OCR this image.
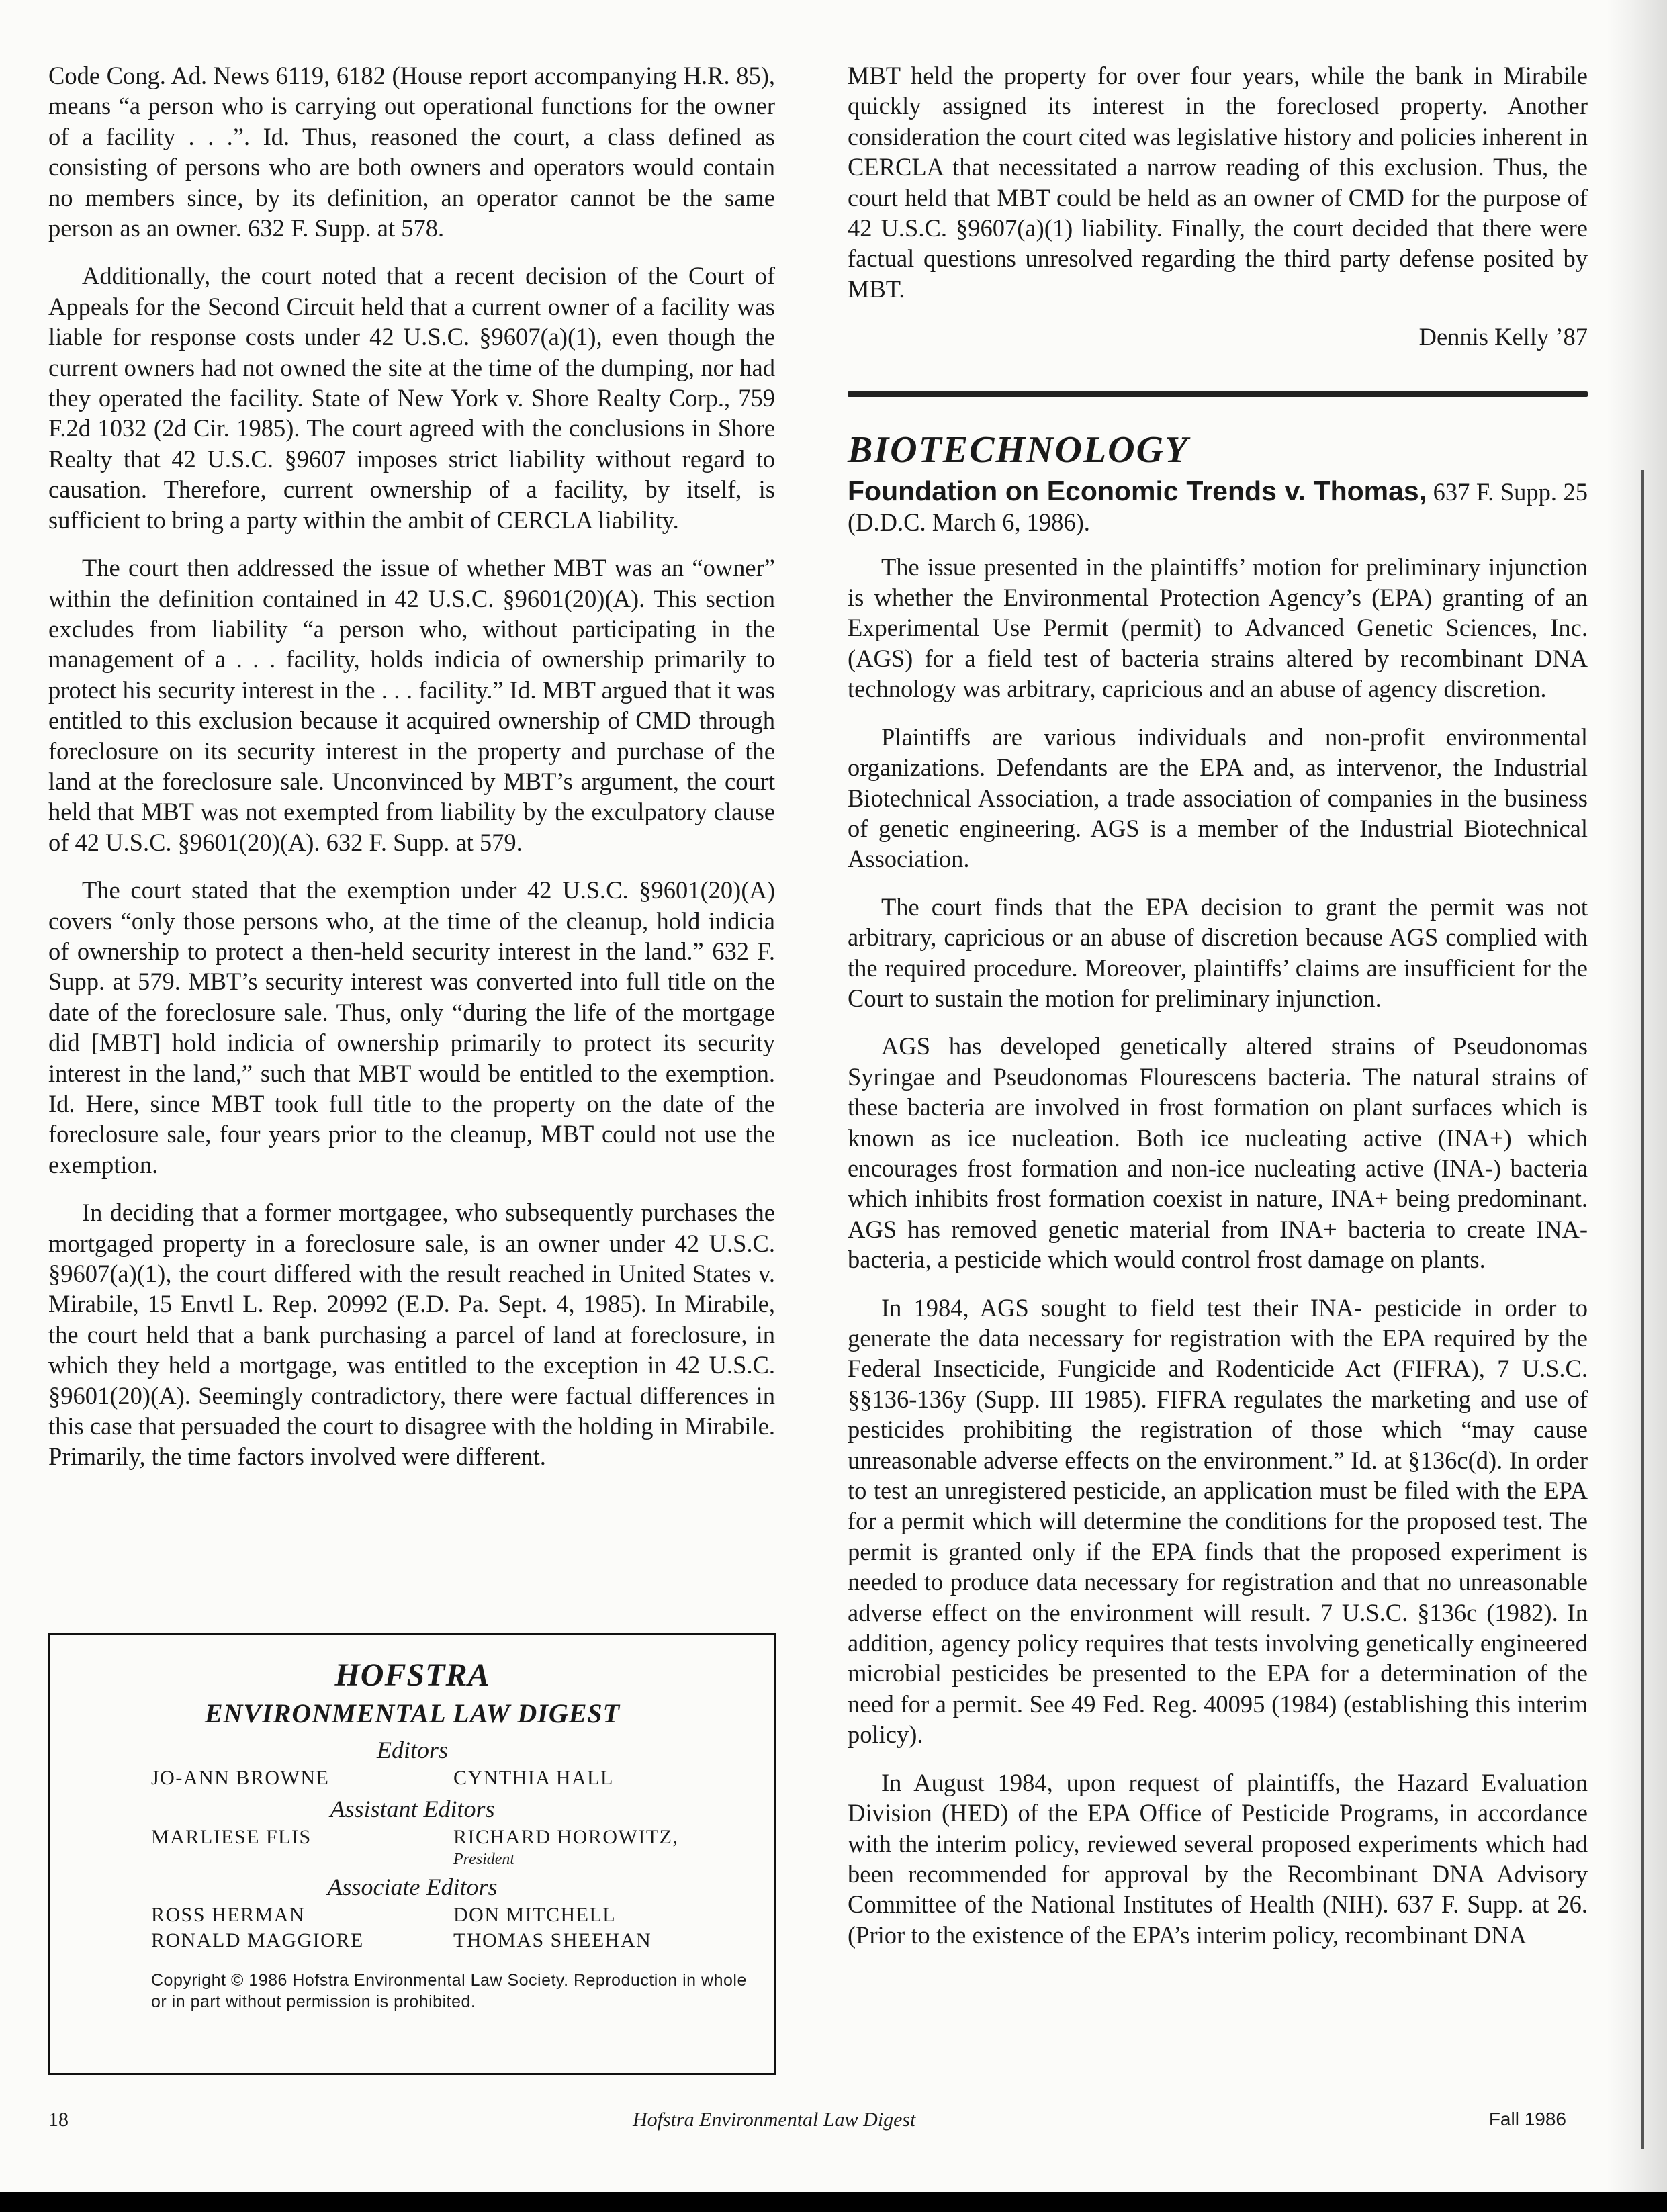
Code Cong. Ad. News 6119, 6182 (House report accompanying H.R. 85), means “a person who is carrying out operational functions for the owner of a facility . . .”. Id. Thus, reasoned the court, a class defined as consisting of persons who are both owners and operators would contain no members since, by its definition, an operator cannot be the same person as an owner. 632 F. Supp. at 578.

Additionally, the court noted that a recent decision of the Court of Appeals for the Second Circuit held that a current owner of a facility was liable for response costs under 42 U.S.C. §9607(a)(1), even though the current owners had not owned the site at the time of the dumping, nor had they operated the facility. State of New York v. Shore Realty Corp., 759 F.2d 1032 (2d Cir. 1985). The court agreed with the conclusions in Shore Realty that 42 U.S.C. §9607 imposes strict liability without regard to causation. Therefore, current ownership of a facility, by itself, is sufficient to bring a party within the ambit of CERCLA liability.

The court then addressed the issue of whether MBT was an “owner” within the definition contained in 42 U.S.C. §9601(20)(A). This section excludes from liability “a person who, without participating in the management of a . . . facility, holds indicia of ownership primarily to protect his security interest in the . . . facility.” Id. MBT argued that it was entitled to this exclusion because it acquired ownership of CMD through foreclosure on its security interest in the property and purchase of the land at the foreclosure sale. Unconvinced by MBT’s argument, the court held that MBT was not exempted from liability by the exculpatory clause of 42 U.S.C. §9601(20)(A). 632 F. Supp. at 579.

The court stated that the exemption under 42 U.S.C. §9601(20)(A) covers “only those persons who, at the time of the cleanup, hold indicia of ownership to protect a then-held security interest in the land.” 632 F. Supp. at 579. MBT’s security interest was converted into full title on the date of the foreclosure sale. Thus, only “during the life of the mortgage did [MBT] hold indicia of ownership primarily to protect its security interest in the land,” such that MBT would be entitled to the exemption. Id. Here, since MBT took full title to the property on the date of the foreclosure sale, four years prior to the cleanup, MBT could not use the exemption.

In deciding that a former mortgagee, who subsequently purchases the mortgaged property in a foreclosure sale, is an owner under 42 U.S.C. §9607(a)(1), the court differed with the result reached in United States v. Mirabile, 15 Envtl L. Rep. 20992 (E.D. Pa. Sept. 4, 1985). In Mirabile, the court held that a bank purchasing a parcel of land at foreclosure, in which they held a mortgage, was entitled to the exception in 42 U.S.C. §9601(20)(A). Seemingly contradictory, there were factual differences in this case that persuaded the court to disagree with the holding in Mirabile. Primarily, the time factors involved were different.

HOFSTRA
ENVIRONMENTAL LAW DIGEST
Editors
JO-ANN BROWNE	CYNTHIA HALL
Assistant Editors
MARLIESE FLIS	RICHARD HOROWITZ,
President
Associate Editors
ROSS HERMAN	DON MITCHELL
RONALD MAGGIORE	THOMAS SHEEHAN
Copyright © 1986 Hofstra Environmental Law Society. Reproduction in whole or in part without permission is prohibited.

MBT held the property for over four years, while the bank in Mirabile quickly assigned its interest in the foreclosed property. Another consideration the court cited was legislative history and policies inherent in CERCLA that necessitated a narrow reading of this exclusion. Thus, the court held that MBT could be held as an owner of CMD for the purpose of 42 U.S.C. §9607(a)(1) liability. Finally, the court decided that there were factual questions unresolved regarding the third party defense posited by MBT.

Dennis Kelly ’87

BIOTECHNOLOGY

Foundation on Economic Trends v. Thomas, 637 F. Supp. 25 (D.D.C. March 6, 1986).

The issue presented in the plaintiffs’ motion for preliminary injunction is whether the Environmental Protection Agency’s (EPA) granting of an Experimental Use Permit (permit) to Advanced Genetic Sciences, Inc. (AGS) for a field test of bacteria strains altered by recombinant DNA technology was arbitrary, capricious and an abuse of agency discretion.

Plaintiffs are various individuals and non-profit environmental organizations. Defendants are the EPA and, as intervenor, the Industrial Biotechnical Association, a trade association of companies in the business of genetic engineering. AGS is a member of the Industrial Biotechnical Association.

The court finds that the EPA decision to grant the permit was not arbitrary, capricious or an abuse of discretion because AGS complied with the required procedure. Moreover, plaintiffs’ claims are insufficient for the Court to sustain the motion for preliminary injunction.

AGS has developed genetically altered strains of Pseudonomas Syringae and Pseudonomas Flourescens bacteria. The natural strains of these bacteria are involved in frost formation on plant surfaces which is known as ice nucleation. Both ice nucleating active (INA+) which encourages frost formation and non-ice nucleating active (INA-) bacteria which inhibits frost formation coexist in nature, INA+ being predominant. AGS has removed genetic material from INA+ bacteria to create INA- bacteria, a pesticide which would control frost damage on plants.

In 1984, AGS sought to field test their INA- pesticide in order to generate the data necessary for registration with the EPA required by the Federal Insecticide, Fungicide and Rodenticide Act (FIFRA), 7 U.S.C. §§136-136y (Supp. III 1985). FIFRA regulates the marketing and use of pesticides prohibiting the registration of those which “may cause unreasonable adverse effects on the environment.” Id. at §136c(d). In order to test an unregistered pesticide, an application must be filed with the EPA for a permit which will determine the conditions for the proposed test. The permit is granted only if the EPA finds that the proposed experiment is needed to produce data necessary for registration and that no unreasonable adverse effect on the environment will result. 7 U.S.C. §136c (1982). In addition, agency policy requires that tests involving genetically engineered microbial pesticides be presented to the EPA for a determination of the need for a permit. See 49 Fed. Reg. 40095 (1984) (establishing this interim policy).

In August 1984, upon request of plaintiffs, the Hazard Evaluation Division (HED) of the EPA Office of Pesticide Programs, in accordance with the interim policy, reviewed several proposed experiments which had been recommended for approval by the Recombinant DNA Advisory Committee of the National Institutes of Health (NIH). 637 F. Supp. at 26. (Prior to the existence of the EPA’s interim policy, recombinant DNA

18	Hofstra Environmental Law Digest	Fall 1986
